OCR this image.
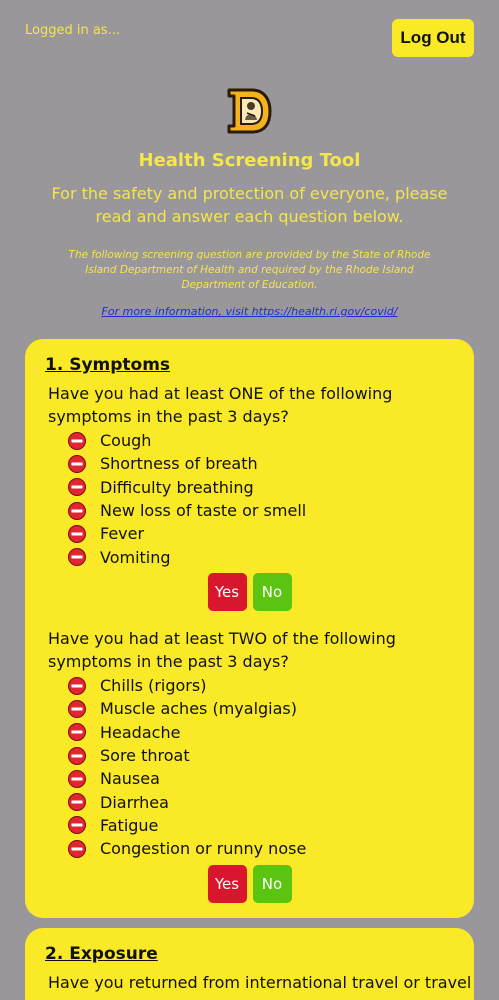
Logged in as...	Log Out
Health Screening Tool
For the safety and protection of everyone, please read and answer each question below.
The following screening question are provided by the State of Rhode Island Department of Health and required by the Rhode Island Department of Education.
For more information, visit https://health.ri.gov/covid/
1. Symptoms
Have you had at least ONE of the following symptoms in the past 3 days?
Cough
Shortness of breath
Difficulty breathing
New loss of taste or smell
Fever
Vomiting
Yes	No
Have you had at least TWO of the following symptoms in the past 3 days?
Chills (rigors)
Muscle aches (myalgias)
Headache
Sore throat
Nausea
Diarrhea
Fatigue
Congestion or runny nose
Yes	No
2. Exposure
Have you returned from international travel or travel
